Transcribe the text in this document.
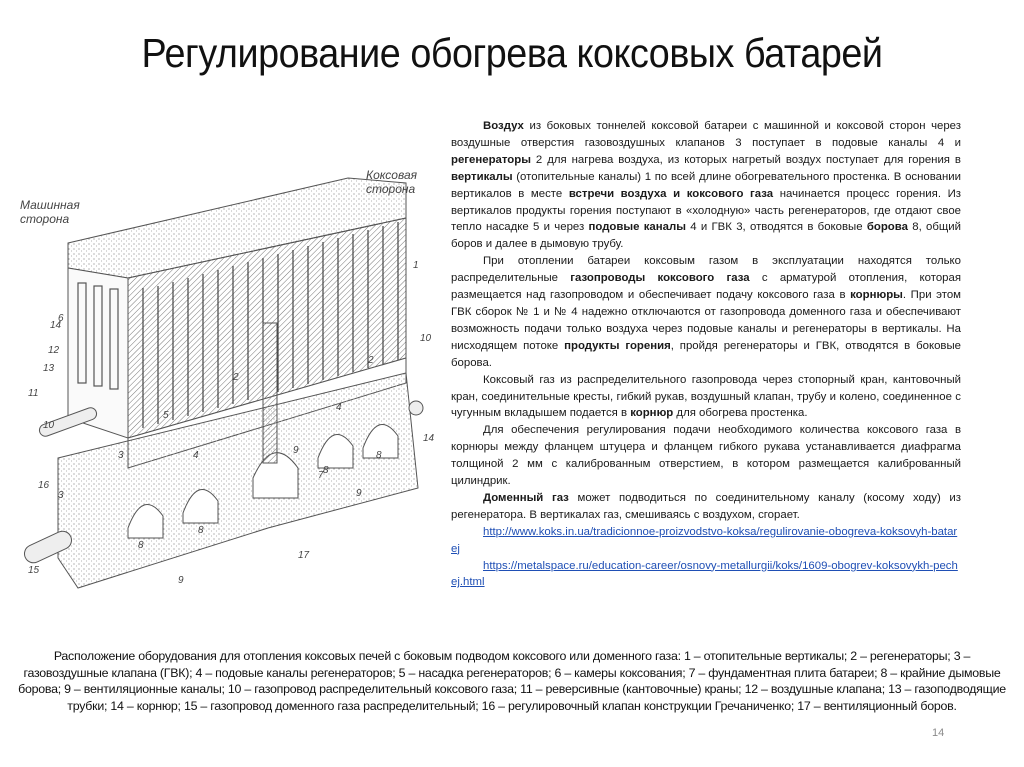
Регулирование обогрева коксовых батарей
1
2
2
3
3
4
4
5
6
7
8
8
8
8
9
9
9
10
10
11
12
13
14
14
15
16
17
Коксовая
сторона
Машинная
сторона

Воздух из боковых тоннелей коксовой батареи с машинной и коксовой сторон через воздушные отверстия газовоздушных клапанов 3 поступает в подовые каналы 4 и регенераторы 2 для нагрева воздуха, из которых нагретый воздух поступает для горения в вертикалы (отопительные каналы) 1 по всей длине обогревательного простенка. В основании вертикалов в месте встречи воздуха и коксового газа начинается процесс горения. Из вертикалов продукты горения поступают в «холодную» часть регенераторов, где отдают свое тепло насадке 5 и через подовые каналы 4 и ГВК 3, отводятся в боковые борова 8, общий боров и далее в дымовую трубу.

При отоплении батареи коксовым газом в эксплуатации находятся только распределительные газопроводы коксового газа с арматурой отопления, которая размещается над газопроводом и обеспечивает подачу коксового газа в корнюры. При этом ГВК сборок № 1 и № 4 надежно отключаются от газопровода доменного газа и обеспечивают возможность подачи только воздуха через подовые каналы и регенераторы в вертикалы. На нисходящем потоке продукты горения, пройдя регенераторы и ГВК, отводятся в боковые борова.

Коксовый газ из распределительного газопровода через стопорный кран, кантовочный кран, соединительные кресты, гибкий рукав, воздушный клапан, трубу и колено, соединенное с чугунным вкладышем подается в корнюр для обогрева простенка.

Для обеспечения регулирования подачи необходимого количества коксового газа в корнюры между фланцем штуцера и фланцем гибкого рукава устанавливается диафрагма толщиной 2 мм с калиброванным отверстием, в котором размещается калиброванный цилиндрик.

Доменный газ может подводиться по соединительному каналу (косому ходу) из регенератора. В вертикалах газ, смешиваясь с воздухом, сгорает.

http://www.koks.in.ua/tradicionnoe-proizvodstvo-koksa/regulirovanie-obogreva-koksovyh-batarej

https://metalspace.ru/education-career/osnovy-metallurgii/koks/1609-obogrev-koksovykh-pechej.html

Расположение оборудования для отопления коксовых печей с боковым подводом коксового или доменного газа: 1 – отопительные вертикалы; 2 – регенераторы; 3 – газовоздушные клапана (ГВК); 4 – подовые каналы регенераторов; 5 – насадка регенераторов; 6 – камеры коксования; 7 – фундаментная плита батареи; 8 – крайние дымовые борова; 9 – вентиляционные каналы; 10 – газопровод распределительный коксового газа; 11 – реверсивные (кантовочные) краны; 12 – воздушные клапана; 13 – газоподводящие трубки; 14 – корнюр; 15 – газопровод доменного газа распределительный; 16 – регулировочный клапан конструкции Гречаниченко; 17 – вентиляционный боров.
14
